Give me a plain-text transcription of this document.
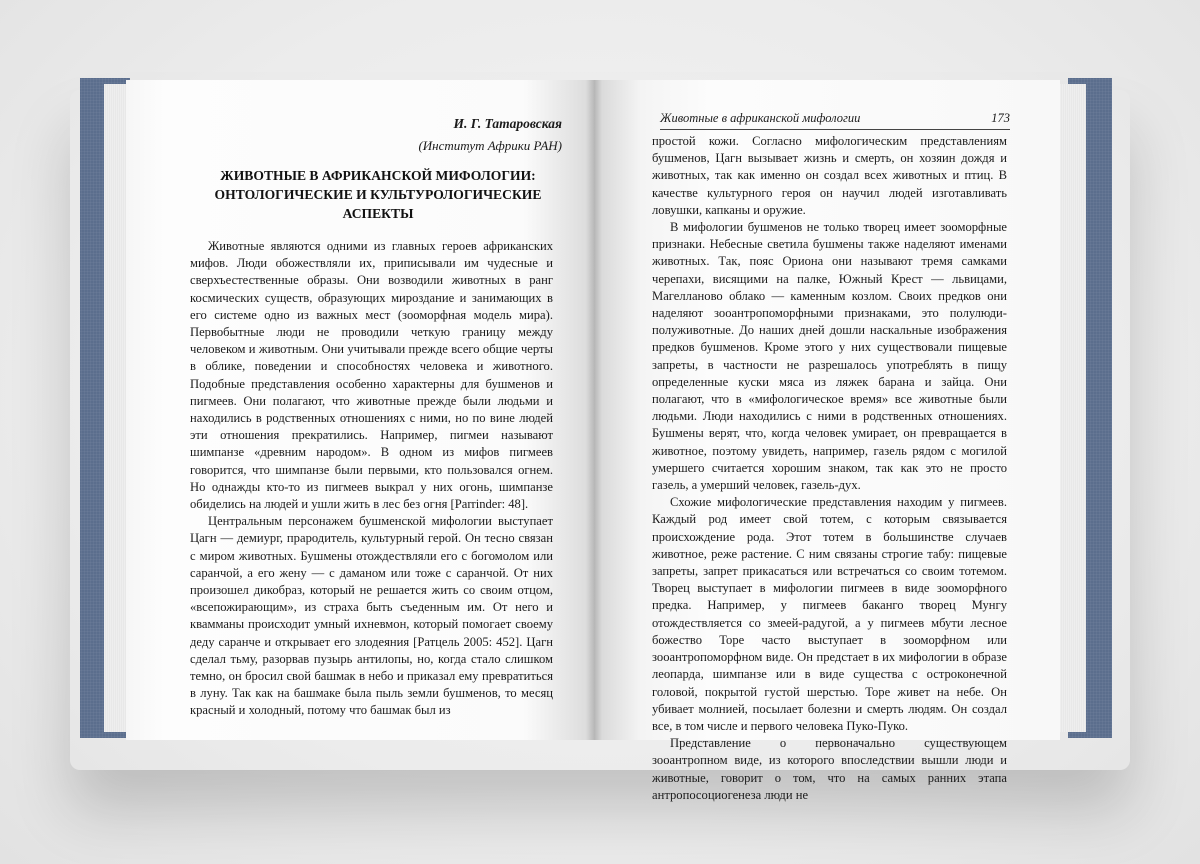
И. Г. Татаровская
(Институт Африки РАН)
ЖИВОТНЫЕ В АФРИКАНСКОЙ МИФОЛОГИИ: ОНТОЛОГИЧЕСКИЕ И КУЛЬТУРОЛОГИЧЕСКИЕ АСПЕКТЫ

Животные являются одними из главных героев африканских мифов. Люди обожествляли их, приписывали им чудесные и сверхъестественные образы. Они возводили животных в ранг космических существ, образующих мироздание и занимающих в его системе одно из важных мест (зооморфная модель мира). Первобытные люди не проводили четкую границу между человеком и животным. Они учитывали прежде всего общие черты в облике, поведении и способностях человека и животного. Подобные представления особенно характерны для бушменов и пигмеев. Они полагают, что животные прежде были людьми и находились в родственных отношениях с ними, но по вине людей эти отношения прекратились. Например, пигмеи называют шимпанзе «древним народом». В одном из мифов пигмеев говорится, что шимпанзе были первыми, кто пользовался огнем. Но однажды кто-то из пигмеев выкрал у них огонь, шимпанзе обиделись на людей и ушли жить в лес без огня [Parrinder: 48].

Центральным персонажем бушменской мифологии выступает Цагн — демиург, прародитель, культурный герой. Он тесно связан с миром животных. Бушмены отождествляли его с богомолом или саранчой, а его жену — с даманом или тоже с саранчой. От них произошел дикобраз, который не решается жить со своим отцом, «всепожирающим», из страха быть съеденным им. От него и квамманы происходит умный ихневмон, который помогает своему деду саранче и открывает его злодеяния [Ратцель 2005: 452]. Цагн сделал тьму, разорвав пузырь антилопы, но, когда стало слишком темно, он бросил свой башмак в небо и приказал ему превратиться в луну. Так как на башмаке была пыль земли бушменов, то месяц красный и холодный, потому что башмак был из

Животные в африканской мифологии	173

простой кожи. Согласно мифологическим представлениям бушменов, Цагн вызывает жизнь и смерть, он хозяин дождя и животных, так как именно он создал всех животных и птиц. В качестве культурного героя он научил людей изготавливать ловушки, капканы и оружие.

В мифологии бушменов не только творец имеет зооморфные признаки. Небесные светила бушмены также наделяют именами животных. Так, пояс Ориона они называют тремя самками черепахи, висящими на палке, Южный Крест — львицами, Магелланово облако — каменным козлом. Своих предков они наделяют зооантропоморфными признаками, это полулюди-полуживотные. До наших дней дошли наскальные изображения предков бушменов. Кроме этого у них существовали пищевые запреты, в частности не разрешалось употреблять в пищу определенные куски мяса из ляжек барана и зайца. Они полагают, что в «мифологическое время» все животные были людьми. Люди находились с ними в родственных отношениях. Бушмены верят, что, когда человек умирает, он превращается в животное, поэтому увидеть, например, газель рядом с могилой умершего считается хорошим знаком, так как это не просто газель, а умерший человек, газель-дух.

Схожие мифологические представления находим у пигмеев. Каждый род имеет свой тотем, с которым связывается происхождение рода. Этот тотем в большинстве случаев животное, реже растение. С ним связаны строгие табу: пищевые запреты, запрет прикасаться или встречаться со своим тотемом. Творец выступает в мифологии пигмеев в виде зооморфного предка. Например, у пигмеев баканго творец Мунгу отождествляется со змеей-радугой, а у пигмеев мбути лесное божество Торе часто выступает в зооморфном или зооантропоморфном виде. Он предстает в их мифологии в образе леопарда, шимпанзе или в виде существа с остроконечной головой, покрытой густой шерстью. Торе живет на небе. Он убивает молнией, посылает болезни и смерть людям. Он создал все, в том числе и первого человека Пуко-Пуко.

Представление о первоначально существующем зооантропном виде, из которого впоследствии вышли люди и животные, говорит о том, что на самых ранних этапа антропосоциогенеза люди не
